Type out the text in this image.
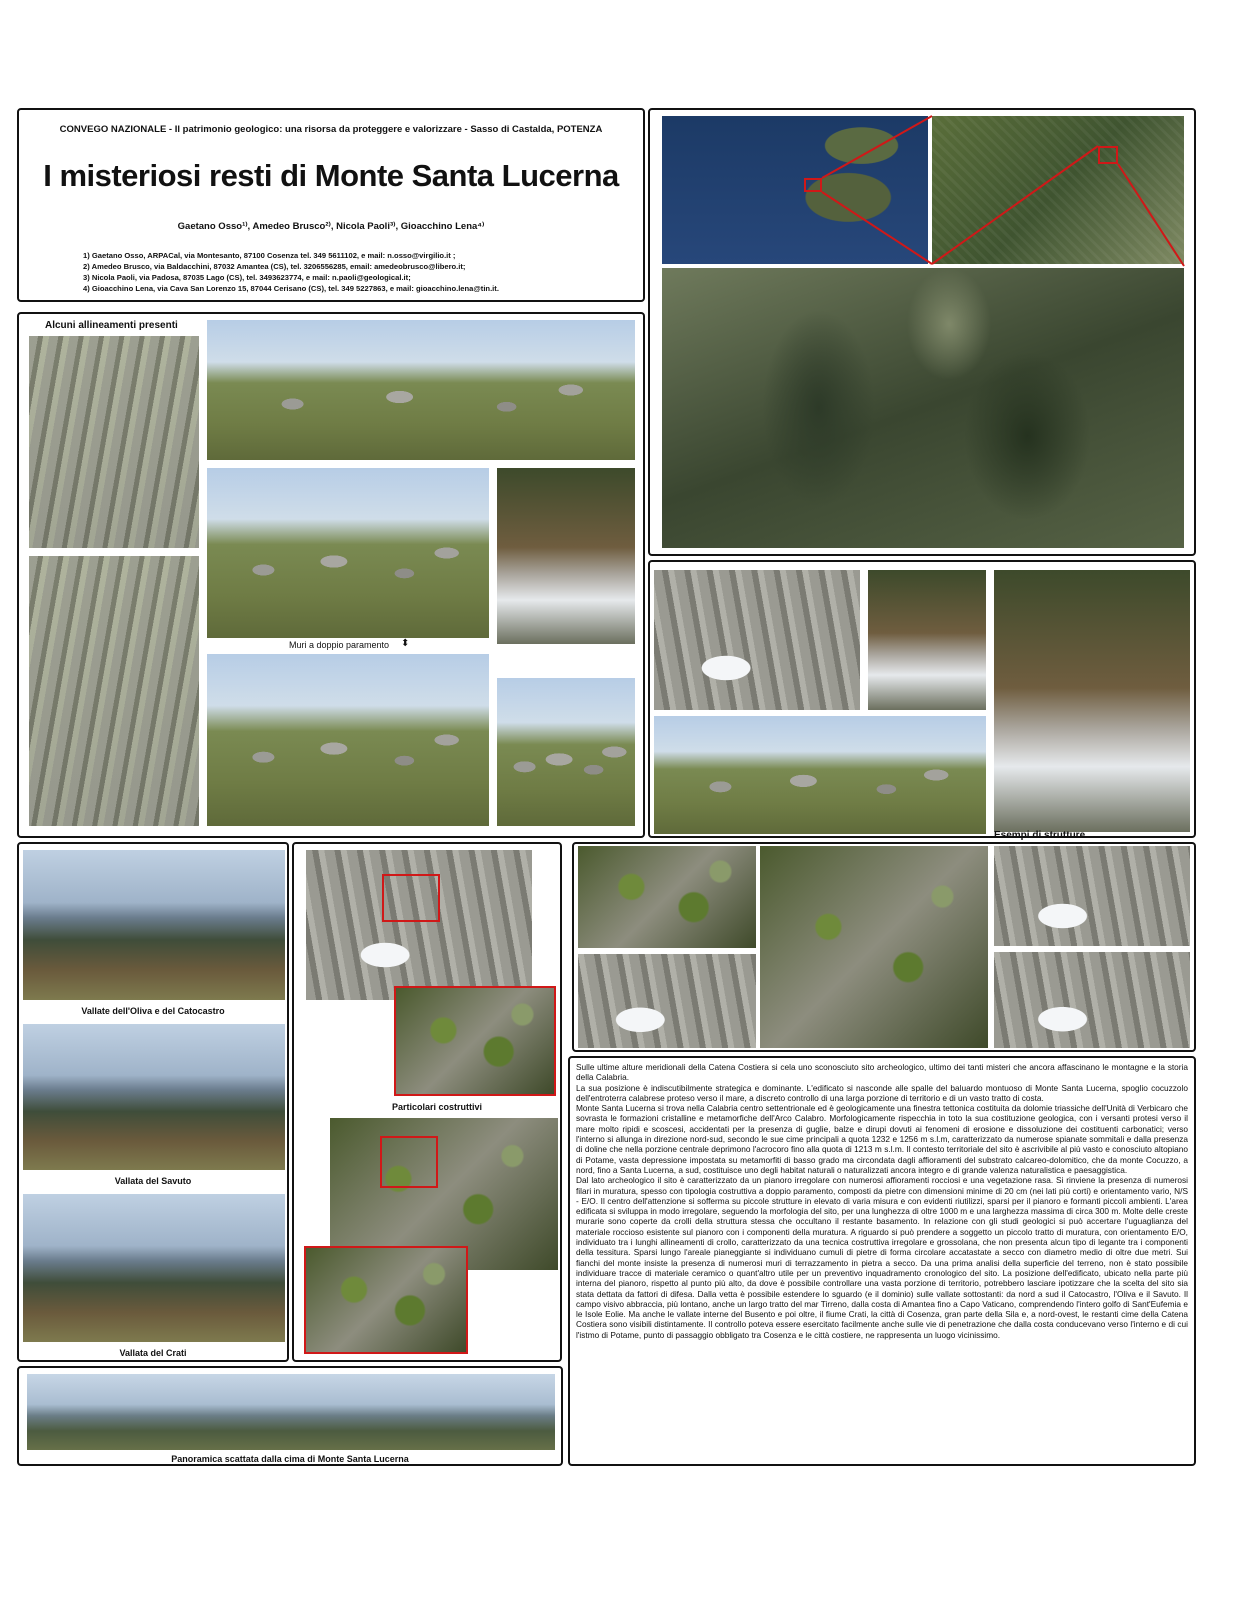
CONVEGO NAZIONALE - Il patrimonio geologico: una risorsa da proteggere e valorizzare - Sasso di Castalda, POTENZA
I misteriosi resti di Monte Santa Lucerna
Gaetano Osso¹⁾, Amedeo Brusco²⁾, Nicola Paoli³⁾, Gioacchino Lena⁴⁾
1) Gaetano Osso, ARPACal, via Montesanto, 87100 Cosenza tel. 349 5611102, e mail: n.osso@virgilio.it ;
2) Amedeo Brusco, via Baldacchini, 87032 Amantea (CS), tel. 3206556285, email: amedeobrusco@libero.it;
3) Nicola Paoli, via Padosa, 87035 Lago (CS), tel. 3493623774, e mail: n.paoli@geological.it;
4) Gioacchino Lena, via Cava San Lorenzo 15, 87044 Cerisano (CS), tel. 349 5227863, e mail: gioacchino.lena@tin.it.
Alcuni allineamenti presenti
Muri a doppio paramento ⬍
Esempi di strutture
Vallate dell'Oliva e del Catocastro
Vallata del Savuto
Vallata del Crati
Particolari costruttivi
Panoramica scattata dalla cima di Monte Santa Lucerna

Sulle ultime alture meridionali della Catena Costiera si cela uno sconosciuto sito archeologico, ultimo dei tanti misteri che ancora affascinano le montagne e la storia della Calabria.

La sua posizione è indiscutibilmente strategica e dominante. L'edificato si nasconde alle spalle del baluardo montuoso di Monte Santa Lucerna, spoglio cocuzzolo dell'entroterra calabrese proteso verso il mare, a discreto controllo di una larga porzione di territorio e di un vasto tratto di costa.

Monte Santa Lucerna si trova nella Calabria centro settentrionale ed è geologicamente una finestra tettonica costituita da dolomie triassiche dell'Unità di Verbicaro che sovrasta le formazioni cristalline e metamorfiche dell'Arco Calabro. Morfologicamente rispecchia in toto la sua costituzione geologica, con i versanti protesi verso il mare molto ripidi e scoscesi, accidentati per la presenza di guglie, balze e dirupi dovuti ai fenomeni di erosione e dissoluzione dei costituenti carbonatici; verso l'interno si allunga in direzione nord-sud, secondo le sue cime principali a quota 1232 e 1256 m s.l.m, caratterizzato da numerose spianate sommitali e dalla presenza di doline che nella porzione centrale deprimono l'acrocoro fino alla quota di 1213 m s.l.m. Il contesto territoriale del sito è ascrivibile al più vasto e conosciuto altopiano di Potame, vasta depressione impostata su metamorfiti di basso grado ma circondata dagli affioramenti del substrato calcareo-dolomitico, che da monte Cocuzzo, a nord, fino a Santa Lucerna, a sud, costituisce uno degli habitat naturali o naturalizzati ancora integro e di grande valenza naturalistica e paesaggistica.

Dal lato archeologico il sito è caratterizzato da un pianoro irregolare con numerosi affioramenti rocciosi e una vegetazione rasa. Si rinviene la presenza di numerosi filari in muratura, spesso con tipologia costruttiva a doppio paramento, composti da pietre con dimensioni minime di 20 cm (nei lati più corti) e orientamento vario, N/S - E/O. Il centro dell'attenzione si sofferma su piccole strutture in elevato di varia misura e con evidenti riutilizzi, sparsi per il pianoro e formanti piccoli ambienti. L'area edificata si sviluppa in modo irregolare, seguendo la morfologia del sito, per una lunghezza di oltre 1000 m e una larghezza massima di circa 300 m. Molte delle creste murarie sono coperte da crolli della struttura stessa che occultano il restante basamento. In relazione con gli studi geologici si può accertare l'uguaglianza del materiale roccioso esistente sul pianoro con i componenti della muratura. A riguardo si può prendere a soggetto un piccolo tratto di muratura, con orientamento E/O, individuato tra i lunghi allineamenti di crollo, caratterizzato da una tecnica costruttiva irregolare e grossolana, che non presenta alcun tipo di legante tra i componenti della tessitura. Sparsi lungo l'areale pianeggiante si individuano cumuli di pietre di forma circolare accatastate a secco con diametro medio di oltre due metri. Sui fianchi del monte insiste la presenza di numerosi muri di terrazzamento in pietra a secco. Da una prima analisi della superficie del terreno, non è stato possibile individuare tracce di materiale ceramico o quant'altro utile per un preventivo inquadramento cronologico del sito. La posizione dell'edificato, ubicato nella parte più interna del pianoro, rispetto al punto più alto, da dove è possibile controllare una vasta porzione di territorio, potrebbero lasciare ipotizzare che la scelta del sito sia stata dettata da fattori di difesa. Dalla vetta è possibile estendere lo sguardo (e il dominio) sulle vallate sottostanti: da nord a sud il Catocastro, l'Oliva e il Savuto. Il campo visivo abbraccia, più lontano, anche un largo tratto del mar Tirreno, dalla costa di Amantea fino a Capo Vaticano, comprendendo l'intero golfo di Sant'Eufemia e le Isole Eolie. Ma anche le vallate interne del Busento e poi oltre, il fiume Crati, la città di Cosenza, gran parte della Sila e, a nord-ovest, le restanti cime della Catena Costiera sono visibili distintamente. Il controllo poteva essere esercitato facilmente anche sulle vie di penetrazione che dalla costa conducevano verso l'interno e di cui l'istmo di Potame, punto di passaggio obbligato tra Cosenza e le città costiere, ne rappresenta un luogo vicinissimo.
